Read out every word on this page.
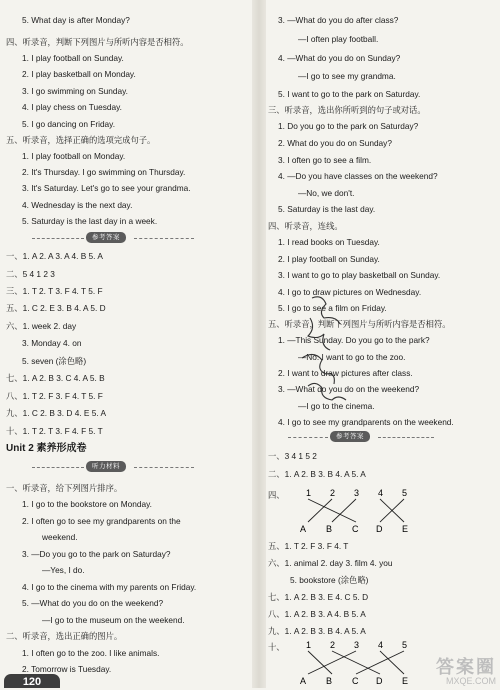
5. What day is after Monday?
四、听录音，判断下列图片与所听内容是否相符。
1. I play football on Sunday.
2. I play basketball on Monday.
3. I go swimming on Sunday.
4. I play chess on Tuesday.
5. I go dancing on Friday.
五、听录音，选择正确的选项完成句子。
1. I play football on Monday.
2. It's Thursday. I go swimming on Thursday.
3. It's Saturday. Let's go to see your grandma.
4. Wednesday is the next day.
5. Saturday is the last day in a week.
参考答案
一、1. A 2. A 3. A 4. B 5. A
二、5 4 1 2 3
三、1. T 2. T 3. F 4. T 5. F
五、1. C 2. E 3. B 4. A 5. D
六、1. week 2. day
3. Monday 4. on
5. seven (涂色略)
七、1. A 2. B 3. C 4. A 5. B
八、1. T 2. F 3. F 4. T 5. F
九、1. C 2. B 3. D 4. E 5. A
十、1. T 2. T 3. F 4. F 5. T
Unit 2 素养形成卷
听力材料
一、听录音，给下列图片排序。
1. I go to the bookstore on Monday.
2. I often go to see my grandparents on the
weekend.
3. —Do you go to the park on Saturday?
—Yes, I do.
4. I go to the cinema with my parents on Friday.
5. —What do you do on the weekend?
—I go to the museum on the weekend.
二、听录音，选出正确的图片。
1. I often go to the zoo. I like animals.
2. Tomorrow is Tuesday.
120
3. —What do you do after class?
—I often play football.
4. —What do you do on Sunday?
—I go to see my grandma.
5. I want to go to the park on Saturday.
三、听录音，选出你所听到的句子或对话。
1. Do you go to the park on Saturday?
2. What do you do on Sunday?
3. I often go to see a film.
4. —Do you have classes on the weekend?
—No, we don't.
5. Saturday is the last day.
四、听录音，连线。
1. I read books on Tuesday.
2. I play football on Sunday.
3. I want to go to play basketball on Sunday.
4. I go to draw pictures on Wednesday.
5. I go to see a film on Friday.
五、听录音，判断下列图片与所听内容是否相符。
1. —This Sunday. Do you go to the park?
—No. I want to go to the zoo.
2. I want to draw pictures after class.
3. —What do you do on the weekend?
—I go to the cinema.
4. I go to see my grandparents on the weekend.
参考答案
一、3 4 1 5 2
二、1. A 2. B 3. B 4. A 5. A
四、 1 2 3 4 5
A B C D E
五、1. T 2. F 3. F 4. T
六、1. animal 2. day 3. film 4. you
5. bookstore (涂色略)
七、1. A 2. B 3. E 4. C 5. D
八、1. A 2. B 3. A 4. B 5. A
九、1. A 2. B 3. B 4. A 5. A
十、 1 2 3 4 5
A B C D E
答案圈
MXQE.COM
